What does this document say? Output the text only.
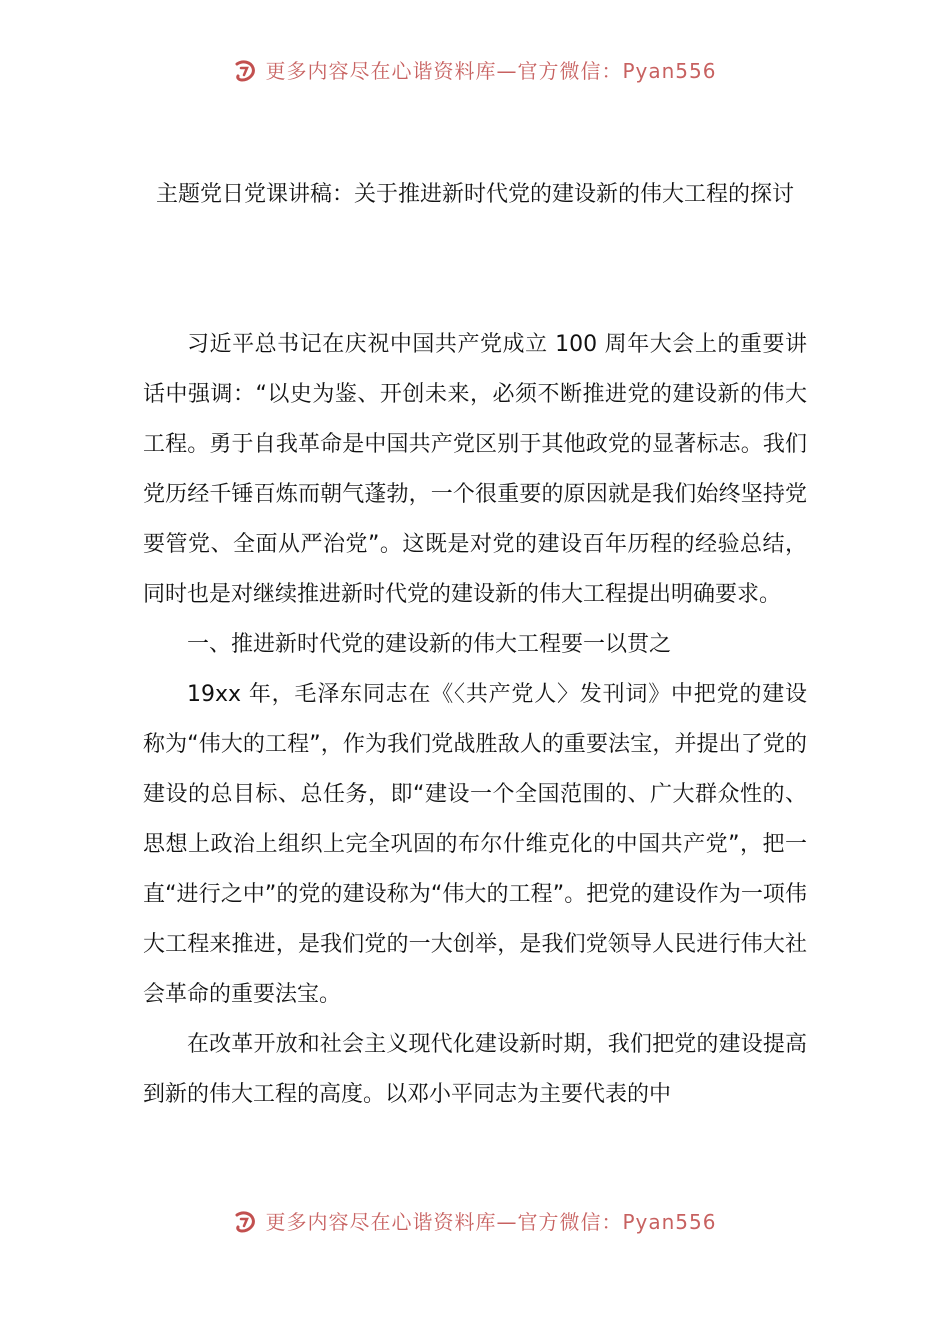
更多内容尽在心谐资料库—官方微信：Pyan556
主题党日党课讲稿：关于推进新时代党的建设新的伟大工程的探讨

习近平总书记在庆祝中国共产党成立 100 周年大会上的重要讲话中强调：“以史为鉴、开创未来，必须不断推进党的建设新的伟大工程。勇于自我革命是中国共产党区别于其他政党的显著标志。我们党历经千锤百炼而朝气蓬勃，一个很重要的原因就是我们始终坚持党要管党、全面从严治党”。这既是对党的建设百年历程的经验总结，同时也是对继续推进新时代党的建设新的伟大工程提出明确要求。

一、推进新时代党的建设新的伟大工程要一以贯之

19xx 年，毛泽东同志在《〈共产党人〉发刊词》中把党的建设称为“伟大的工程”，作为我们党战胜敌人的重要法宝，并提出了党的建设的总目标、总任务，即“建设一个全国范围的、广大群众性的、思想上政治上组织上完全巩固的布尔什维克化的中国共产党”，把一直“进行之中”的党的建设称为“伟大的工程”。把党的建设作为一项伟大工程来推进，是我们党的一大创举，是我们党领导人民进行伟大社会革命的重要法宝。

在改革开放和社会主义现代化建设新时期，我们把党的建设提高到新的伟大工程的高度。以邓小平同志为主要代表的中

更多内容尽在心谐资料库—官方微信：Pyan556
